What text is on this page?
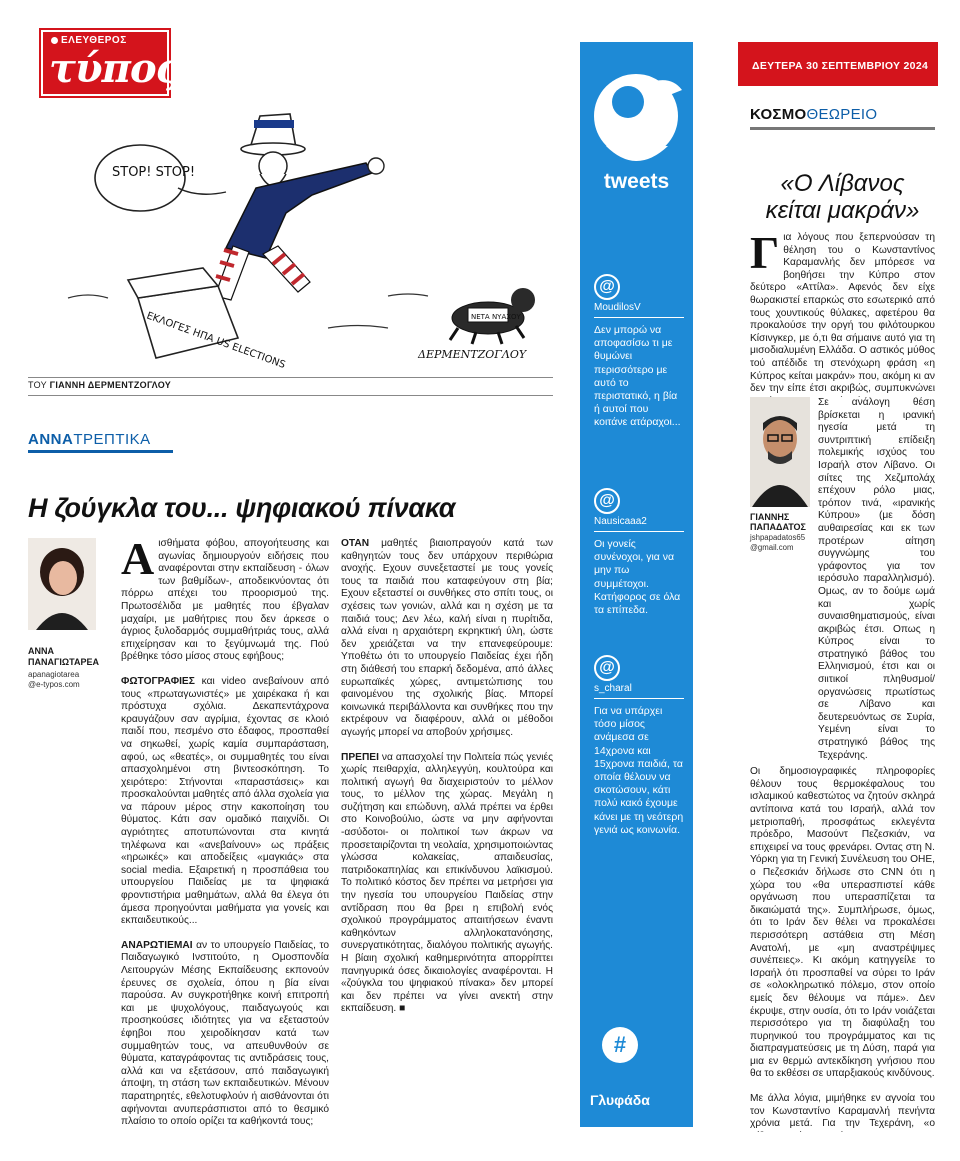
STOP! STOP!
ΕΚΛΟΓΕΣ ΗΠΑ US ELECTIONS	ΝΕΤΑ ΝΥΑΧΟΥ
ΔΕΡΜΕΝΤΖΟΓΛΟΥ
ΕΛΕΥΘΕΡΟΣ
τύπος
ΤΟΥ ΓΙΑΝΝΗ ΔΕΡΜΕΝΤΖΟΓΛΟΥ
ΑΝΝΑΤΡΕΠΤΙΚΑ
Η ζούγκλα του... ψηφιακού πίνακα
ΑΝΝΑ
ΠΑΝΑΓΙΩΤΑΡΕΑ
apanagiotarea
@e-typos.com

Αισθήματα φόβου, απογοήτευσης και αγωνίας δημιουργούν ειδήσεις που αναφέρονται στην εκπαίδευση - όλων των βαθμίδων-, αποδεικνύοντας ότι πόρρω απέχει του προορισμού της. Πρωτοσέλιδα με μαθητές που έβγαλαν μαχαίρι, με μαθήτριες που δεν άρκεσε ο άγριος ξυλοδαρμός συμμαθήτριάς τους, αλλά επιχείρησαν και το ξεγύμνωμά της. Πού βρέθηκε τόσο μίσος στους εφήβους;

ΦΩΤΟΓΡΑΦΙΕΣ και video ανεβαίνουν από τους «πρωταγωνιστές» με χαιρέκακα ή και πρόστυχα σχόλια. Δεκαπεντάχρονα κραυγάζουν σαν αγρίμια, έχοντας σε κλοιό παιδί που, πεσμένο στο έδαφος, προσπαθεί να σηκωθεί, χωρίς καμία συμπαράσταση, αφού, ως «θεατές», οι συμμαθητές του είναι απασχολημένοι στη βιντεοσκόπηση. Το χειρότερο: Στήνονται «παραστάσεις» και προσκαλούνται μαθητές από άλλα σχολεία για να πάρουν μέρος στην κακοποίηση του θύματος. Κάτι σαν ομαδικό παιχνίδι. Οι αγριότητες αποτυπώνονται στα κινητά τηλέφωνα και «ανεβαίνουν» ως πράξεις «ηρωικές» και αποδείξεις «μαγκιάς» στα social media. Εξαιρετική η προσπάθεια του υπουργείου Παιδείας με τα ψηφιακά φροντιστήρια μαθημάτων, αλλά θα έλεγα ότι άμεσα προηγούνται μαθήματα για γονείς και εκπαιδευτικούς...

ΑΝΑΡΩΤΙΕΜΑΙ αν το υπουργείο Παιδείας, το Παιδαγωγικό Ινστιτούτο, η Ομοσπονδία Λειτουργών Μέσης Εκπαίδευσης εκπονούν έρευνες σε σχολεία, όπου η βία είναι παρούσα. Αν συγκροτήθηκε κοινή επιτροπή και με ψυχολόγους, παιδαγωγούς και προσηκούσες ιδιότητες για να εξεταστούν έφηβοι που χειροδίκησαν κατά των συμμαθητών τους, να απευθυνθούν σε θύματα, καταγράφοντας τις αντιδράσεις τους, αλλά και να εξετάσουν, από παιδαγωγική άποψη, τη στάση των εκπαιδευτικών. Μένουν παρατηρητές, εθελοτυφλούν ή αισθάνονται ότι αφήνονται ανυπεράσπιστοι από το θεσμικό πλαίσιο το οποίο ορίζει τα καθήκοντά τους;

ΟΤΑΝ μαθητές βιαιοπραγούν κατά των καθηγητών τους δεν υπάρχουν περιθώρια ανοχής. Εχουν συνεξεταστεί με τους γονείς τους τα παιδιά που καταφεύγουν στη βία; Εχουν εξεταστεί οι συνθήκες στο σπίτι τους, οι σχέσεις των γονιών, αλλά και η σχέση με τα παιδιά τους; Δεν λέω, καλή είναι η πυρίτιδα, αλλά είναι η αρχαιότερη εκρηκτική ύλη, ώστε δεν χρειάζεται να την επανεφεύρουμε: Υποθέτω ότι το υπουργείο Παιδείας έχει ήδη στη διάθεσή του επαρκή δεδομένα, από άλλες ευρωπαϊκές χώρες, αντιμετώπισης του φαινομένου της σχολικής βίας. Μπορεί κοινωνικά περιβάλλοντα και συνθήκες που την εκτρέφουν να διαφέρουν, αλλά οι μέθοδοι αγωγής μπορεί να αποβούν χρήσιμες.

ΠΡΕΠΕΙ να απασχολεί την Πολιτεία πώς γενιές χωρίς πειθαρχία, αλληλεγγύη, κουλτούρα και πολιτική αγωγή θα διαχειριστούν το μέλλον τους, το μέλλον της χώρας. Μεγάλη η συζήτηση και επώδυνη, αλλά πρέπει να έρθει στο Κοινοβούλιο, ώστε να μην αφήνονται -ασύδοτοι- οι πολιτικοί των άκρων να προσεταιρίζονται τη νεολαία, χρησιμοποιώντας γλώσσα κολακείας, απαιδευσίας, πατριδοκαπηλίας και επικίνδυνου λαϊκισμού. Το πολιτικό κόστος δεν πρέπει να μετρήσει για την ηγεσία του υπουργείου Παιδείας στην αντίδραση που θα βρει η επιβολή ενός σχολικού προγράμματος απαιτήσεων έναντι καθηκόντων αλληλοκατανόησης, συνεργατικότητας, διαλόγου πολιτικής αγωγής. Η βίαιη σχολική καθημερινότητα απορρίπτει πανηγυρικά όσες δικαιολογίες αναφέρονται. Η «ζούγκλα του ψηφιακού πίνακα» δεν μπορεί και δεν πρέπει να γίνει ανεκτή στην εκπαίδευση. ■

tweets
@
MoudilosV
Δεν μπορώ να αποφασίσω τι με θυμώνει περισσότερο με αυτό το περιστατικό, η βία ή αυτοί που κοιτάνε ατάραχοι...
@
Nausicaaa2
Οι γονείς συνένοχοι, για να μην πω συμμέτοχοι. Κατήφορος σε όλα τα επίπεδα.
@
s_charal
Για να υπάρχει τόσο μίσος ανάμεσα σε 14χρονα και 15χρονα παιδιά, τα οποία θέλουν να σκοτώσουν, κάτι πολύ κακό έχουμε κάνει με τη νεότερη γενιά ως κοινωνία.
#
Γλυφάδα
ΔΕΥΤΕΡΑ 30 ΣΕΠΤΕΜΒΡΙΟΥ 2024
ΚΟΣΜΟΘΕΩΡΕΙΟ
«Ο Λίβανος
κείται μακράν»

Για λόγους που ξεπερνούσαν τη θέληση του ο Κωνσταντίνος Καραμανλής δεν μπόρεσε να βοηθήσει την Κύπρο στον δεύτερο «Αττίλα». Αφενός δεν είχε θωρακιστεί επαρκώς στο εσωτερικό από τους χουντικούς θύλακες, αφετέρου θα προκαλούσε την οργή του φιλότουρκου Κίσινγκερ, με ό,τι θα σήμαινε αυτό για τη μισοδιαλυμένη Ελλάδα. Ο αστικός μύθος τού απέδιδε τη στενόχωρη φράση «η Κύπρος κείται μακράν» που, ακόμη κι αν δεν την είπε έτσι ακριβώς, συμπυκνώνει

ΓΙΑΝΝΗΣ
ΠΑΠΑΔΑΤΟΣ
jshpapadatos65
@gmail.com

Σε ανάλογη θέση βρίσκεται η ιρανική ηγεσία μετά τη συντριπτική επίδειξη πολεμικής ισχύος του Ισραήλ στον Λίβανο. Οι σιίτες της Χεζμπολάχ επέχουν ρόλο μιας, τρόπον τινά, «ιρανικής Κύπρου» (με δόση αυθαιρεσίας και εκ των προτέρων αίτηση συγγνώμης του γράφοντος για τον ιερόσυλο παραλληλισμό). Ομως, αν το δούμε ωμά και χωρίς συναισθηματισμούς, είναι ακριβώς έτσι. Οπως η Κύπρος είναι το στρατηγικό βάθος του Ελληνισμού, έτσι και οι σιιτικοί πληθυσμοί/οργανώσεις πρωτίστως σε Λίβανο και δευτερευόντως σε Συρία, Υεμένη είναι το στρατηγικό βάθος της Τεχεράνης.

Οι δημοσιογραφικές πληροφορίες θέλουν τους θερμοκέφαλους του ισλαμικού καθεστώτος να ζητούν σκληρά αντίποινα κατά του Ισραήλ, αλλά τον μετριοπαθή, προσφάτως εκλεγέντα πρόεδρο, Μασούντ Πεζεσκιάν, να επιχειρεί να τους φρενάρει. Οντας στη Ν. Υόρκη για τη Γενική Συνέλευση του ΟΗΕ, ο Πεζεσκιάν δήλωσε στο CNN ότι η χώρα του «θα υπερασπιστεί κάθε οργάνωση που υπερασπίζεται τα δικαιώματά της». Συμπλήρωσε, όμως, ότι το Ιράν δεν θέλει να προκαλέσει περισσότερη αστάθεια στη Μέση Ανατολή, με «μη αναστρέψιμες συνέπειες». Κι ακόμη κατηγγείλε το Ισραήλ ότι προσπαθεί να σύρει το Ιράν σε «ολοκληρωτικό πόλεμο, στον οποίο εμείς δεν θέλουμε να πάμε». Δεν έκρυψε, στην ουσία, ότι το Ιράν νοιάζεται περισσότερο για τη διαφύλαξη του πυρηνικού του προγράμματος και τις διαπραγματεύσεις με τη Δύση, παρά για μια εν θερμώ αντεκδίκηση γνήσιου που θα το εκθέσει σε υπαρξιακούς κινδύνους.

Με άλλα λόγια, μιμήθηκε εν αγνοία του τον Κωνσταντίνο Καραμανλή πενήντα χρόνια μετά. Για την Τεχεράνη, «ο
